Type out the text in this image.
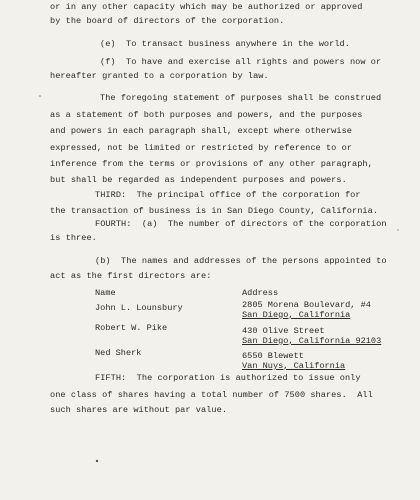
or in any other capacity which may be authorized or approved
by the board of directors of the corporation.
(e)  To transact business anywhere in the world.
(f)  To have and exercise all rights and powers now or
hereafter granted to a corporation by law.
The foregoing statement of purposes shall be construed
as a statement of both purposes and powers, and the purposes
and powers in each paragraph shall, except where otherwise
expressed, not be limited or restricted by reference to or
inference from the terms or provisions of any other paragraph,
but shall be regarded as independent purposes and powers.
THIRD:  The principal office of the corporation for
the transaction of business is in San Diego County, California.
FOURTH:  (a)  The number of directors of the corporation
is three.
(b)  The names and addresses of the persons appointed to
act as the first directors are:
Name	Address
John L. Lounsbury	2805 Morena Boulevard, #4
San Diego, California
Robert W. Pike	430 Olive Street
San Diego, California 92103
Ned Sherk	6550 Blewett
Van Nuys, California
FIFTH:  The corporation is authorized to issue only
one class of shares having a total number of 7500 shares.  All
such shares are without par value.
